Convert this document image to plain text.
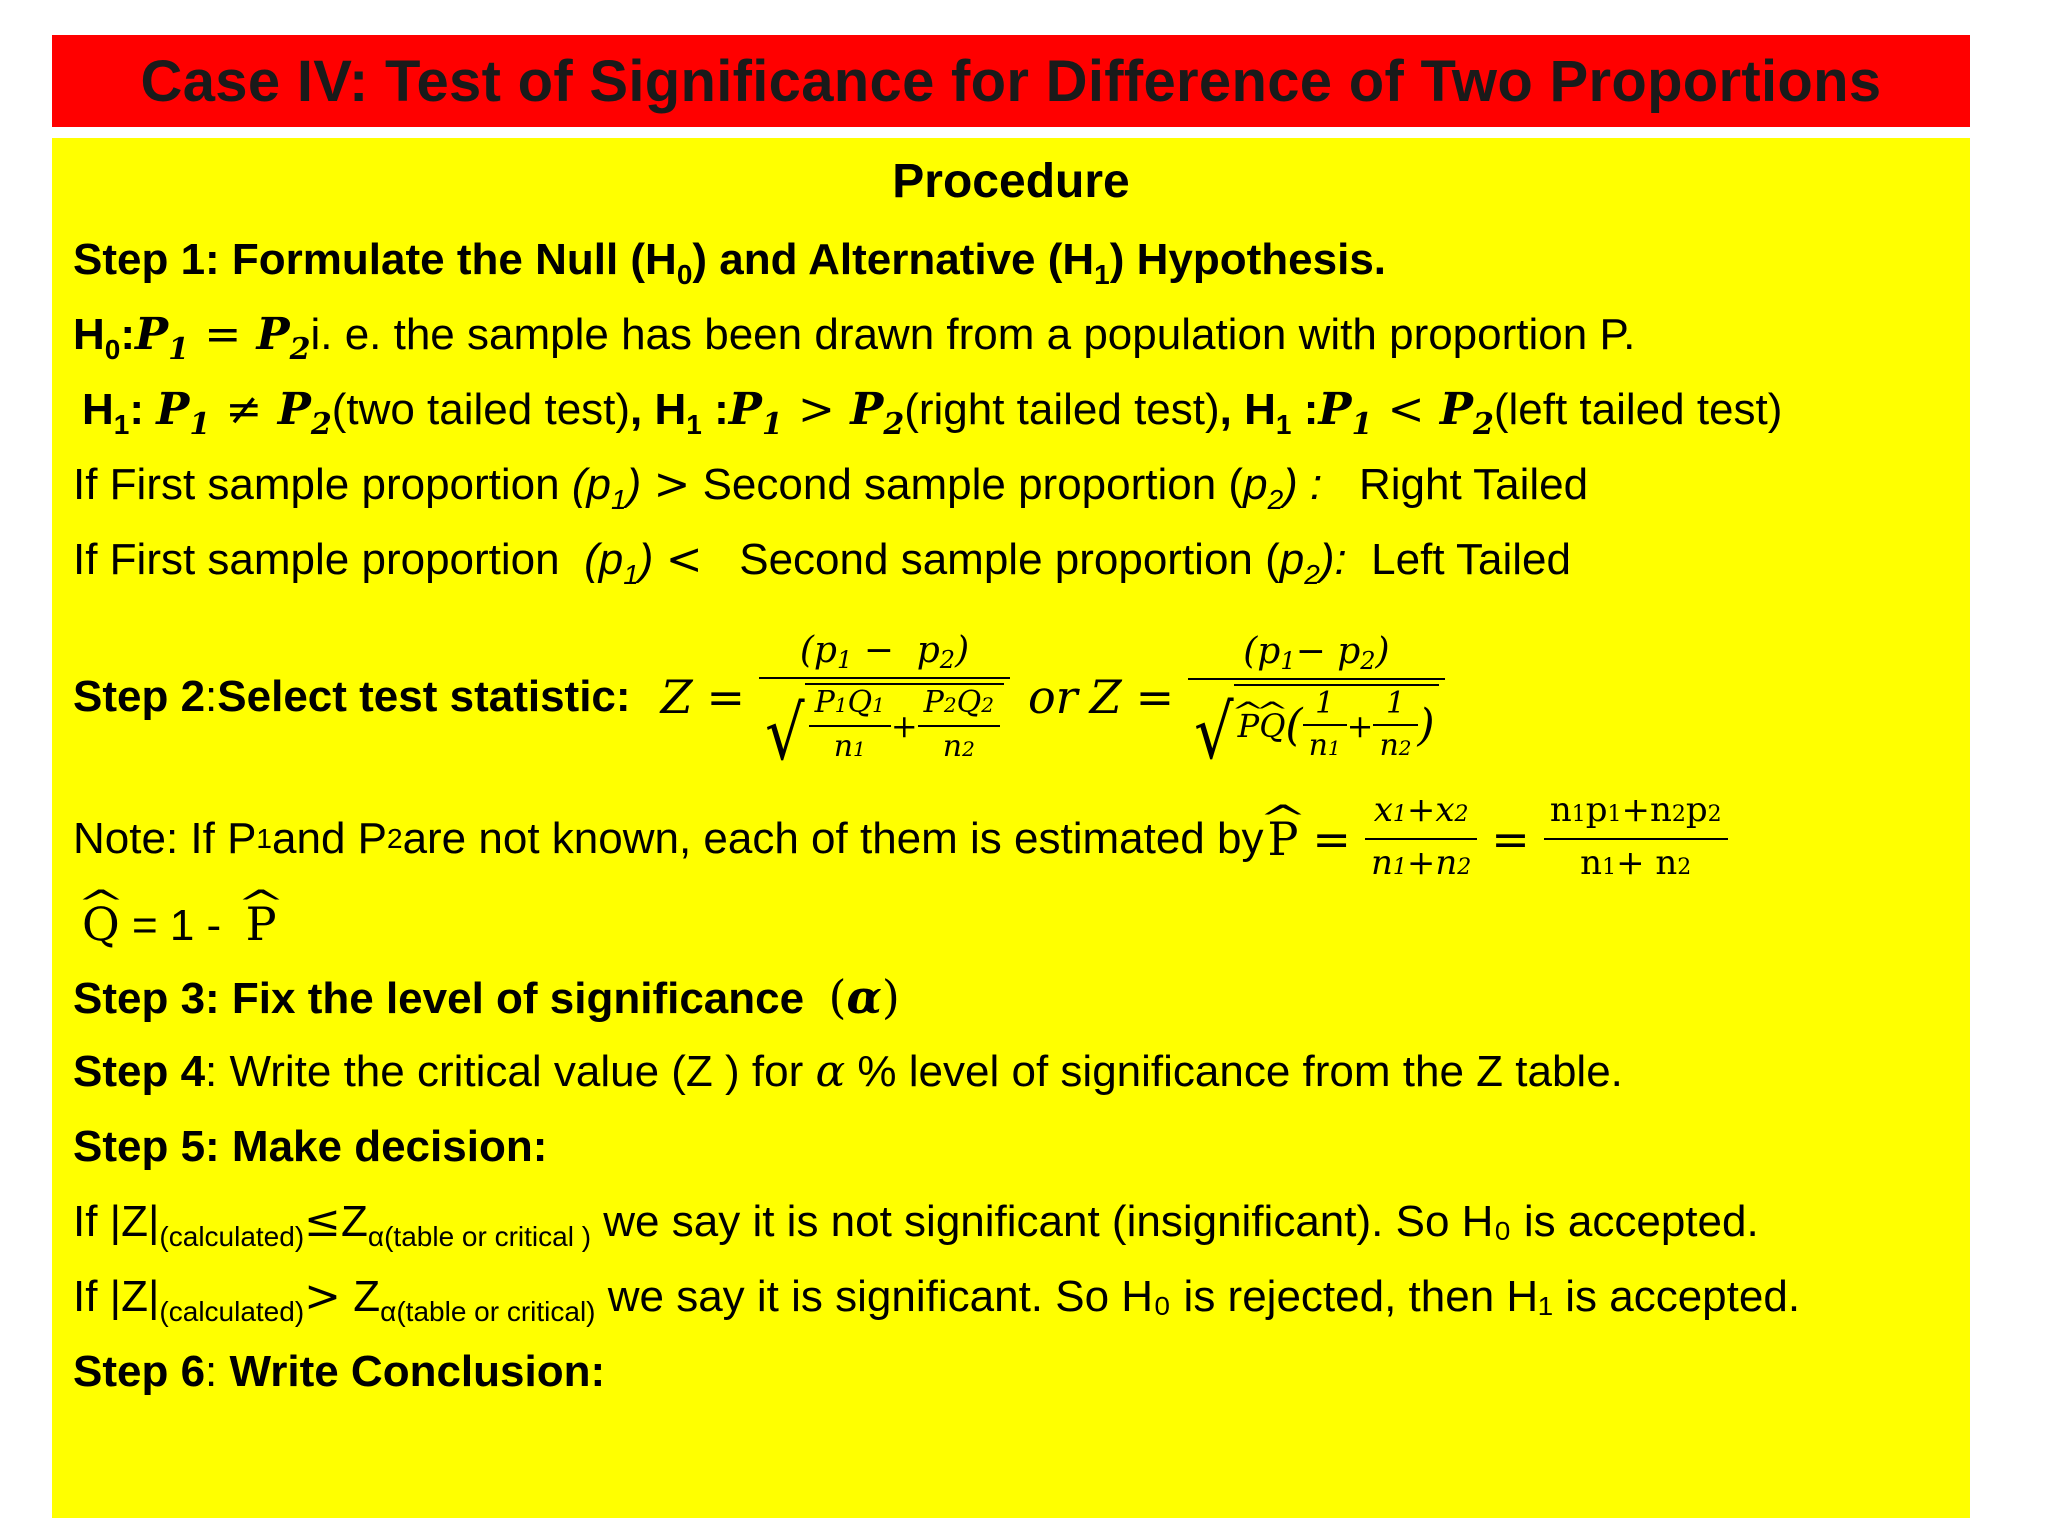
Case IV: Test of Significance for Difference of Two Proportions
Procedure
Step 1: Formulate the Null $(H_0)$ and Alternative $(H_1)$ Hypothesis.
$H_0:P_1 = P_2i$. e. the sample has been drawn from a population with proportion P.
$H_1$: $P_1 \ne P_2(two$ tailed test), $H_1$ $:P_1$ > $P_2(right$ tailed test), $H_1$ $:P_1$ < $P_2(left$ tailed test)
If First sample proportion $(p_1)$ > Second sample proportion $(p_2)$ : Right Tailed
If First sample proportion  $(p_1)$ <   Second sample proportion $(p_2)$: Left Tailed
Step 2 : Select test statistic: Z =
(p1 −  p2)
√ $\frac{P1Q1}{n1} + \frac{P2Q2}{n2}$ or Z = (p1− p2)
√
^ P
^ Q ( $\frac{1}{n1} + \frac{1}{n2}$ )
Note: If P 1 and P 2 are not known, each of them is estimated by
^ $P = \frac{x1+x2}{n1+n2} = \frac{n1p1+n2p2}{n1+ n2}$
^ Q = 1 -  ^ P
Step 3: Fix the level of significance (α)
Step 4: Write the critical value (Z ) for α % level of significance from the Z table.
Step 5: Make decision:
If $|Z|_{(calculated)}\le Z_{\alpha(table or critical )}$ we say it is not significant (insignificant). So H₀ is accepted.
If $|Z|_{(calculated)}> Z_{\alpha(table or critical)}$ we say it is significant. So H₀ is rejected, then H₁ is accepted.
Step 6: Write Conclusion:
